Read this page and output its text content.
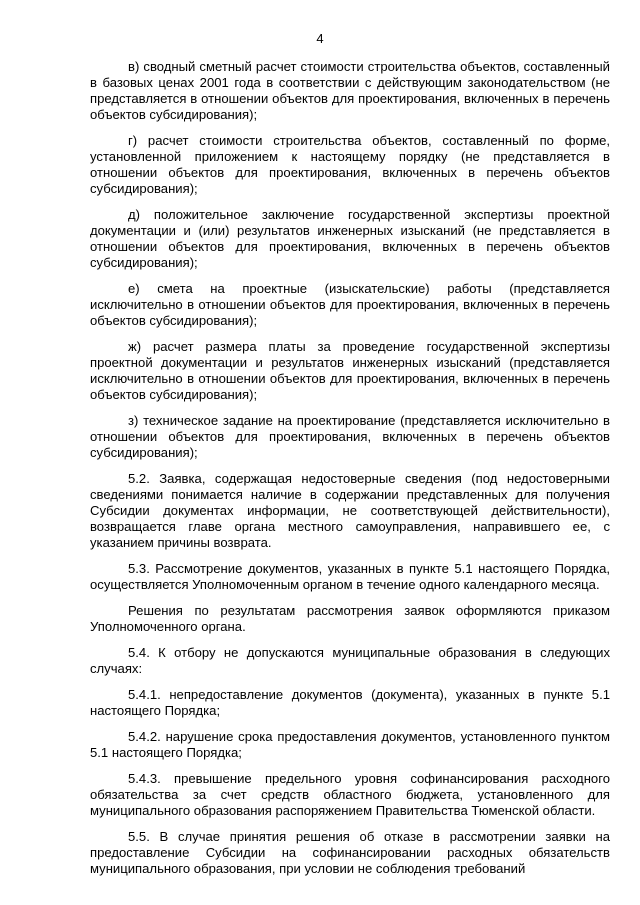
4

в) сводный сметный расчет стоимости строительства объектов, составленный в базовых ценах 2001 года в соответствии с действующим законодательством (не представляется в отношении объектов для проектирования, включенных в перечень объектов субсидирования);

г) расчет стоимости строительства объектов, составленный по форме, установленной приложением к настоящему порядку (не представляется в отношении объектов для проектирования, включенных в перечень объектов субсидирования);

д) положительное заключение государственной экспертизы проектной документации и (или) результатов инженерных изысканий (не представляется в отношении объектов для проектирования, включенных в перечень объектов субсидирования);

е) смета на проектные (изыскательские) работы (представляется исключительно в отношении объектов для проектирования, включенных в перечень объектов субсидирования);

ж) расчет размера платы за проведение государственной экспертизы проектной документации и результатов инженерных изысканий (представляется исключительно в отношении объектов для проектирования, включенных в перечень объектов субсидирования);

з) техническое задание на проектирование (представляется исключительно в отношении объектов для проектирования, включенных в перечень объектов субсидирования);

5.2. Заявка, содержащая недостоверные сведения (под недостоверными сведениями понимается наличие в содержании представленных для получения Субсидии документах информации, не соответствующей действительности), возвращается главе органа местного самоуправления, направившего ее, с указанием причины возврата.

5.3. Рассмотрение документов, указанных в пункте 5.1 настоящего Порядка, осуществляется Уполномоченным органом в течение одного календарного месяца.

Решения по результатам рассмотрения заявок оформляются приказом Уполномоченного органа.

5.4. К отбору не допускаются муниципальные образования в следующих случаях:

5.4.1. непредоставление документов (документа), указанных в пункте 5.1 настоящего Порядка;

5.4.2. нарушение срока предоставления документов, установленного пунктом 5.1 настоящего Порядка;

5.4.3. превышение предельного уровня софинансирования расходного обязательства за счет средств областного бюджета, установленного для муниципального образования распоряжением Правительства Тюменской области.

5.5. В случае принятия решения об отказе в рассмотрении заявки на предоставление Субсидии на софинансировании расходных обязательств муниципального образования, при условии не соблюдения требований
